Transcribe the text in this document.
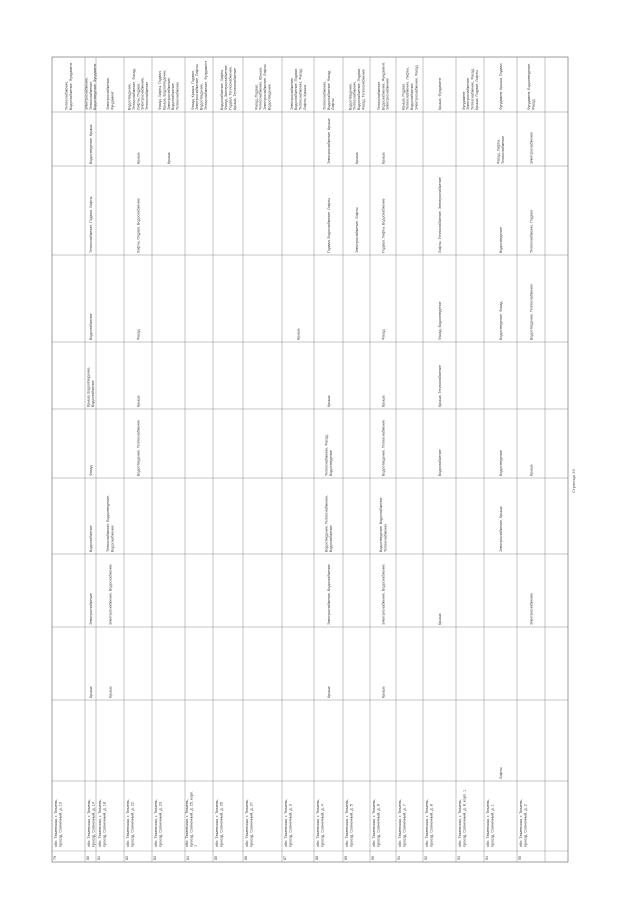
79
обл. Тюменская, г. Тюмень, проезд. Солнечный, д. 10
Теплоснабжение, Водоснабжение, Фундамент
80
обл. Тюменская, г. Тюмень, проезд. Солнечный, д. 14
Крыша
Электроснабжение
Водоснабжение
Фасад
Крыша, Водоотведение, Водоснабжение
Водоснабжение
Теплоснабжение, Подвал, Лифты
Водоотведение, Крыша
Электроснабжение, Теплоснабжение, Водоотведение, Фундамент
81
обл. Тюменская, г. Тюмень, проезд. Солнечный, д. 18
Крыша
Электроснабжение, Водоснабжение
Теплоснабжение, Водоотведение, Водоснабжение
Электроснабжение, Фундамент
82
обл. Тюменская, г. Тюмень, проезд. Солнечный, д. 22
Водоотведение, Теплоснабжение
Крыша
Фасад
Лифты, Подвал, Водоснабжение
Крыша
Водоотведение, Теплоснабжение, Фасад, Лифты, Подвал, Электроснабжение, Теплоснабжение
83
обл. Тюменская, г. Тюмень, проезд. Солнечный, д. 23
Крыша
Фасад, Лифты, Подвал, Крыша, Водоотведение, Электроснабжение, Водоснабжение, Теплоснабжение
84
обл. Тюменская, г. Тюмень, проезд. Солнечный, д. 25, корп. 1
Фасад, Крыша, Подвал, Электроснабжение, Лифты, Водоотведение, Теплоснабжение, Фундамент
85
обл. Тюменская, г. Тюмень, проезд. Солнечный, д. 26
Водоснабжение, Лифты, Фасад, Электроснабжение, Подвал, Теплоснабжение, Крыша, Теплоснабжение
86
обл. Тюменская, г. Тюмень, проезд. Солнечный, д. 27
Фасад, Подвал, Теплоснабжение, Крыша, Электроснабжение, Лифты, Водоотведение
87
обл. Тюменская, г. Тюмень, проезд. Солнечный, д. 3
Крыша
Электроснабжение, Водоснабжение, Подвал, Теплоснабжение, Фасад, Лифты, Крыша
88
обл. Тюменская, г. Тюмень, проезд. Солнечный, д. 4
Крыша
Электроснабжение, Водоснабжение
Водоотведение, Теплоснабжение, Водоснабжение
Теплоснабжение, Фасад, Водоотведение
Крыша
Подвал, Водоснабжение, Лифты
Электроснабжение, Крыша
Теплоснабжение, Водоснабжение, Фасад, Лифты
89
обл. Тюменская, г. Тюмень, проезд. Солнечный, д. 5
Электроснабжение, Лифты
Крыша
Водоотведение, Теплоснабжение, Водоснабжение, Подвал, Фасад, Теплоснабжение
90
обл. Тюменская, г. Тюмень, проезд. Солнечный, д. 6
Крыша
Электроснабжение, Водоснабжение
Водоотведение, Водоснабжение, Теплоснабжение
Водоотведение, Теплоснабжение
Крыша
Фасад
Подвал, Лифты, Водоснабжение
Крыша
Теплоснабжение, Водоснабжение, Фундамент, Электроснабжение
91
обл. Тюменская, г. Тюмень, проезд. Солнечный, д. 7
Крыша, Подвал, Теплоснабжение, Лифты, Водоснабжение, Электроснабжение, Фасад
92
обл. Тюменская, г. Тюмень, проезд. Солнечный, д. 8
Крыша
Водоснабжение
Крыша, Теплоснабжение
Фасад, Водоотведение
Лифты, Теплоснабжение, Электроснабжение
Крыша, Фундамент
93
обл. Тюменская, г. Тюмень, проезд. Солнечный, д. 8, корп. 1
Фундамент, Электроснабжение, Теплоснабжение, Фасад, Крыша, Подвал, Лифты
94
обл. Тюменская, г. Тюмень, проезд. Солнечный, д. 1
Лифты
Электроснабжение, Крыша
Водоотведение
Водоотведение, Фасад
Водоотведение
Фасад, Лифты, Теплоснабжение
Фундамент, Крыша, Подвал
95
обл. Тюменская, г. Тюмень, проезд. Солнечный, д. 2
Электроснабжение
Крыша
Водоотведение, Теплоснабжение
Теплоснабжение, Подвал
Электроснабжение
Фундамент, Водоотведение, Фасад
Страница 33
